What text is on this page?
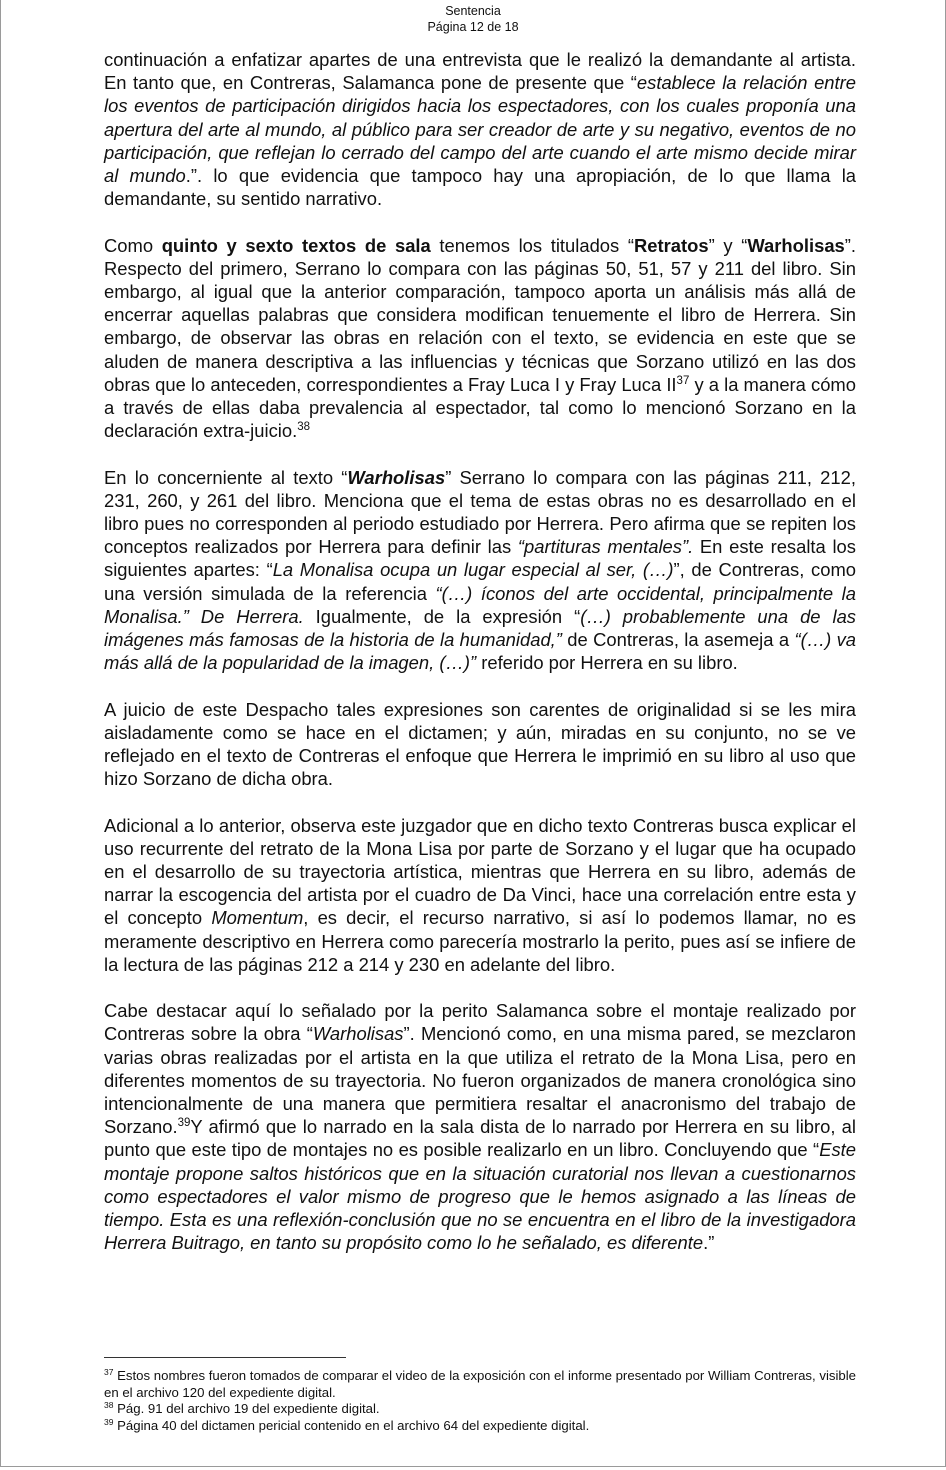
Sentencia
Página 12 de 18

continuación a enfatizar apartes de una entrevista que le realizó la demandante al artista. En tanto que, en Contreras, Salamanca pone de presente que “establece la relación entre los eventos de participación dirigidos hacia los espectadores, con los cuales proponía una apertura del arte al mundo, al público para ser creador de arte y su negativo, eventos de no participación, que reflejan lo cerrado del campo del arte cuando el arte mismo decide mirar al mundo.”. lo que evidencia que tampoco hay una apropiación, de lo que llama la demandante, su sentido narrativo.

Como quinto y sexto textos de sala tenemos los titulados “Retratos” y “Warholisas”. Respecto del primero, Serrano lo compara con las páginas 50, 51, 57 y 211 del libro. Sin embargo, al igual que la anterior comparación, tampoco aporta un análisis más allá de encerrar aquellas palabras que considera modifican tenuemente el libro de Herrera. Sin embargo, de observar las obras en relación con el texto, se evidencia en este que se aluden de manera descriptiva a las influencias y técnicas que Sorzano utilizó en las dos obras que lo anteceden, correspondientes a Fray Luca I y Fray Luca II$^{37}$ y a la manera cómo a través de ellas daba prevalencia al espectador, tal como lo mencionó Sorzano en la declaración extra-juicio.$^{38}$

En lo concerniente al texto “Warholisas” Serrano lo compara con las páginas 211, 212, 231, 260, y 261 del libro. Menciona que el tema de estas obras no es desarrollado en el libro pues no corresponden al periodo estudiado por Herrera. Pero afirma que se repiten los conceptos realizados por Herrera para definir las “partituras mentales”. En este resalta los siguientes apartes: “La Monalisa ocupa un lugar especial al ser, (…)”, de Contreras, como una versión simulada de la referencia “(…) íconos del arte occidental, principalmente la Monalisa.” De Herrera. Igualmente, de la expresión “(…) probablemente una de las imágenes más famosas de la historia de la humanidad,” de Contreras, la asemeja a “(…) va más allá de la popularidad de la imagen, (…)” referido por Herrera en su libro.

A juicio de este Despacho tales expresiones son carentes de originalidad si se les mira aisladamente como se hace en el dictamen; y aún, miradas en su conjunto, no se ve reflejado en el texto de Contreras el enfoque que Herrera le imprimió en su libro al uso que hizo Sorzano de dicha obra.

Adicional a lo anterior, observa este juzgador que en dicho texto Contreras busca explicar el uso recurrente del retrato de la Mona Lisa por parte de Sorzano y el lugar que ha ocupado en el desarrollo de su trayectoria artística, mientras que Herrera en su libro, además de narrar la escogencia del artista por el cuadro de Da Vinci, hace una correlación entre esta y el concepto Momentum, es decir, el recurso narrativo, si así lo podemos llamar, no es meramente descriptivo en Herrera como parecería mostrarlo la perito, pues así se infiere de la lectura de las páginas 212 a 214 y 230 en adelante del libro.

Cabe destacar aquí lo señalado por la perito Salamanca sobre el montaje realizado por Contreras sobre la obra “Warholisas”. Mencionó como, en una misma pared, se mezclaron varias obras realizadas por el artista en la que utiliza el retrato de la Mona Lisa, pero en diferentes momentos de su trayectoria. No fueron organizados de manera cronológica sino intencionalmente de una manera que permitiera resaltar el anacronismo del trabajo de Sorzano.$^{39}$Y afirmó que lo narrado en la sala dista de lo narrado por Herrera en su libro, al punto que este tipo de montajes no es posible realizarlo en un libro. Concluyendo que “Este montaje propone saltos históricos que en la situación curatorial nos llevan a cuestionarnos como espectadores el valor mismo de progreso que le hemos asignado a las líneas de tiempo. Esta es una reflexión-conclusión que no se encuentra en el libro de la investigadora Herrera Buitrago, en tanto su propósito como lo he señalado, es diferente.”

$^{37}$ Estos nombres fueron tomados de comparar el video de la exposición con el informe presentado por William Contreras, visible en el archivo 120 del expediente digital.
$^{38}$ Pág. 91 del archivo 19 del expediente digital.
$^{39}$ Página 40 del dictamen pericial contenido en el archivo 64 del expediente digital.
